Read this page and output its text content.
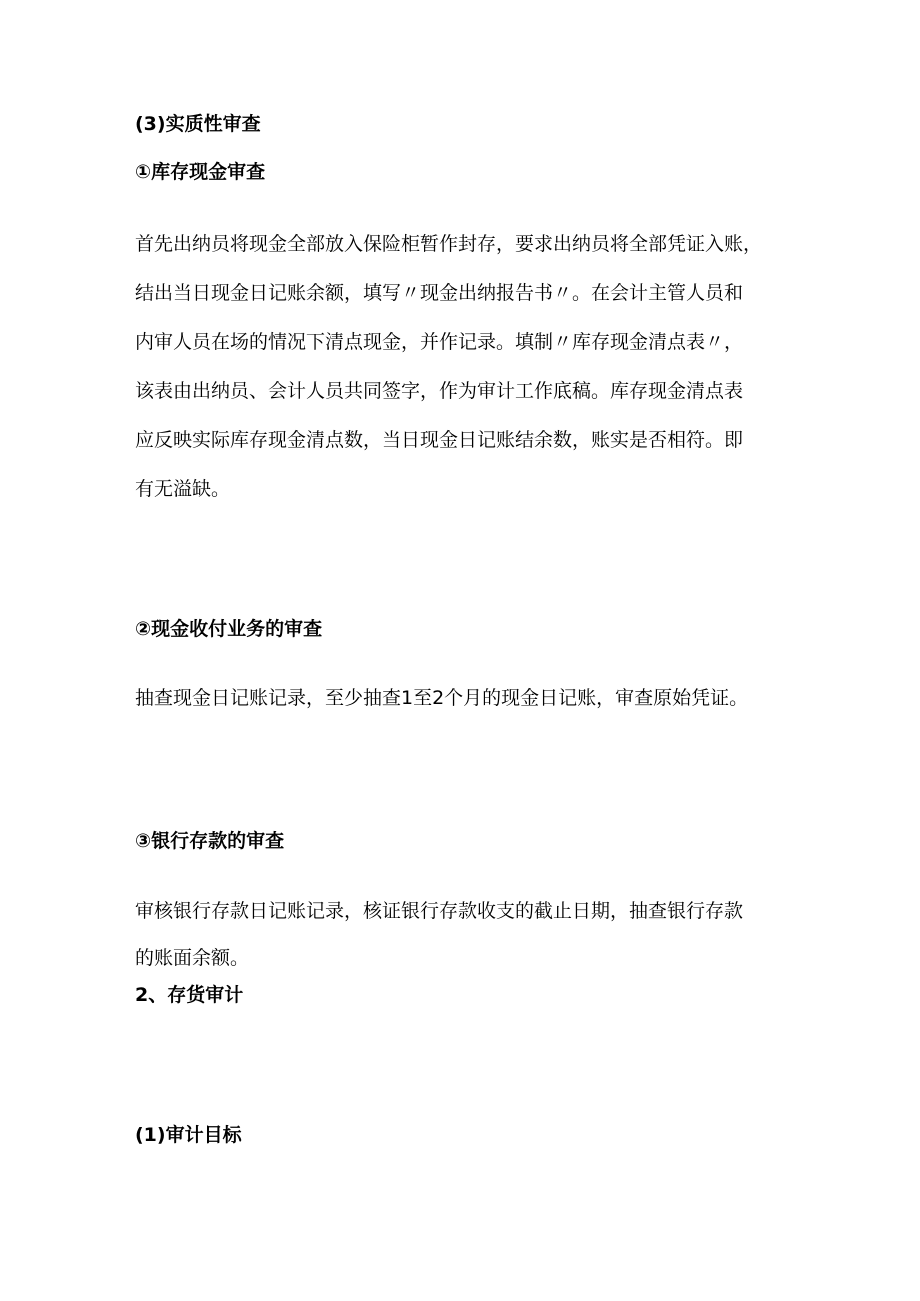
(3)实质性审查
①库存现金审查
首先出纳员将现金全部放入保险柜暂作封存，要求出纳员将全部凭证入账，
结出当日现金日记账余额，填写〃现金出纳报告书〃。在会计主管人员和
内审人员在场的情况下清点现金，并作记录。填制〃库存现金清点表〃，
该表由出纳员、会计人员共同签字，作为审计工作底稿。库存现金清点表
应反映实际库存现金清点数，当日现金日记账结余数，账实是否相符。即
有无溢缺。
②现金收付业务的审查
抽查现金日记账记录，至少抽查1至2个月的现金日记账，审查原始凭证。
③银行存款的审查
审核银行存款日记账记录，核证银行存款收支的截止日期，抽查银行存款
的账面余额。
2、存货审计
(1)审计目标
